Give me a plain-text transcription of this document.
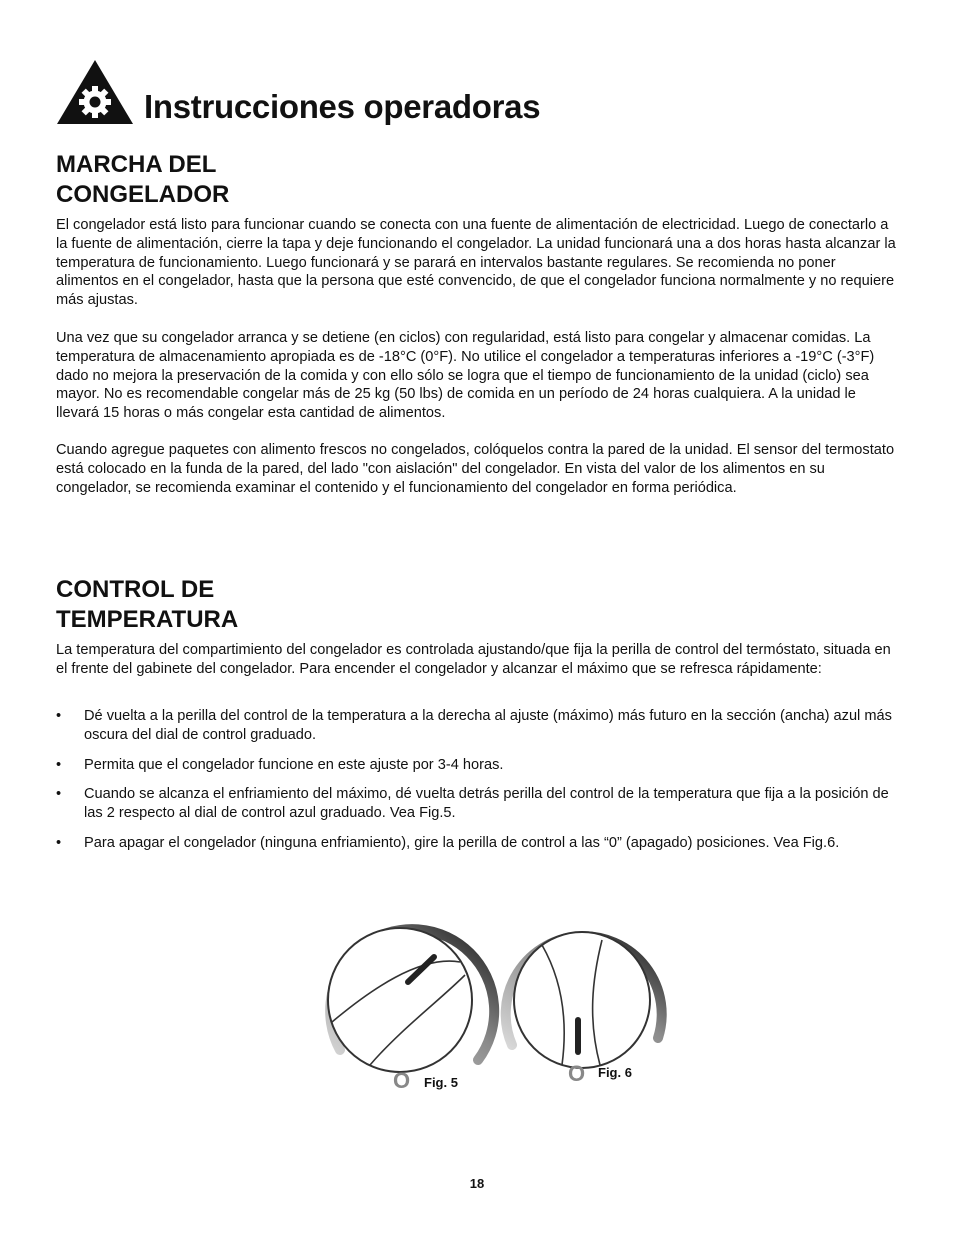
Instrucciones operadoras
MARCHA DEL
CONGELADOR

El congelador está listo para funcionar cuando se conecta con una fuente de alimentación de electricidad. Luego de conectarlo a la fuente de alimentación, cierre la tapa y deje funcionando el congelador. La unidad funcionará una a dos horas hasta alcanzar la temperatura de funcionamiento. Luego funcionará y se parará en intervalos bastante regulares. Se recomienda no poner alimentos en el congelador, hasta que la persona que esté convencido, de que el congelador funciona normalmente y no requiere más ajustas.

Una vez que su congelador arranca y se detiene (en ciclos) con regularidad, está listo para congelar y almacenar comidas. La temperatura de almacenamiento apropiada es de -18°C (0°F). No utilice el congelador a temperaturas inferiores a -19°C (-3°F) dado no mejora la preservación de la comida y con ello sólo se logra que el tiempo de funcionamiento de la unidad (ciclo) sea mayor. No es recomendable congelar más de 25 kg (50 lbs) de comida en un período de 24 horas cualquiera. A la unidad le llevará 15 horas o más congelar esta cantidad de alimentos.

Cuando agregue paquetes con alimento frescos no congelados, colóquelos contra la pared de la unidad. El sensor del termostato está colocado en la funda de la pared, del lado "con aislación" del congelador. En vista del valor de los alimentos en su congelador, se recomienda examinar el contenido y el funcionamiento del congelador en forma periódica.

CONTROL DE
TEMPERATURA

La temperatura del compartimiento del congelador es controlada ajustando/que fija la perilla de control del termóstato, situada en el frente del gabinete del congelador. Para encender el congelador y alcanzar el máximo que se refresca rápidamente:

• Dé vuelta a la perilla del control de la temperatura a la derecha al ajuste (máximo) más futuro en la sección (ancha) azul más oscura del dial de control graduado.
• Permita que el congelador funcione en este ajuste por 3-4 horas.
• Cuando se alcanza el enfriamiento del máximo, dé vuelta detrás perilla del control de la temperatura que fija a la posición de las 2 respecto al dial de control azul graduado. Vea Fig.5.
• Para apagar el congelador (ninguna enfriamiento), gire la perilla de control a las “0” (apagado) posiciones. Vea Fig.6.
O	O
Fig. 5
Fig. 6
18
